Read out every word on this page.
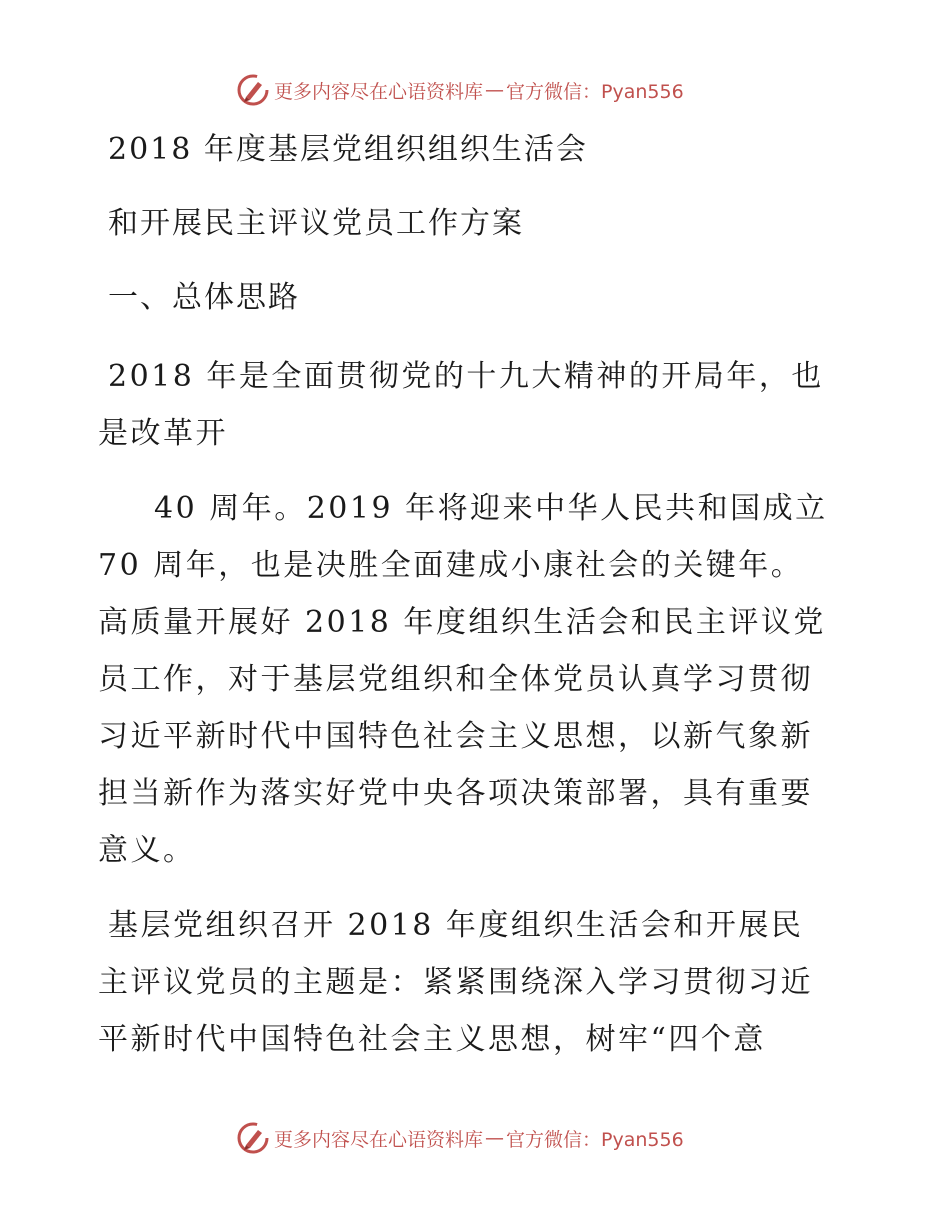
更多内容尽在心语资料库 — 官方微信：Pyan556

2018 年度基层党组织组织生活会

和开展民主评议党员工作方案

一、总体思路

2018 年是全面贯彻党的十九大精神的开局年，也

是改革开

40 周年。2019 年将迎来中华人民共和国成立

70 周年，也是决胜全面建成小康社会的关键年。

高质量开展好 2018 年度组织生活会和民主评议党

员工作，对于基层党组织和全体党员认真学习贯彻

习近平新时代中国特色社会主义思想，以新气象新

担当新作为落实好党中央各项决策部署，具有重要

意义。

基层党组织召开 2018 年度组织生活会和开展民

主评议党员的主题是：紧紧围绕深入学习贯彻习近

平新时代中国特色社会主义思想，树牢“四个意

更多内容尽在心语资料库 — 官方微信：Pyan556
